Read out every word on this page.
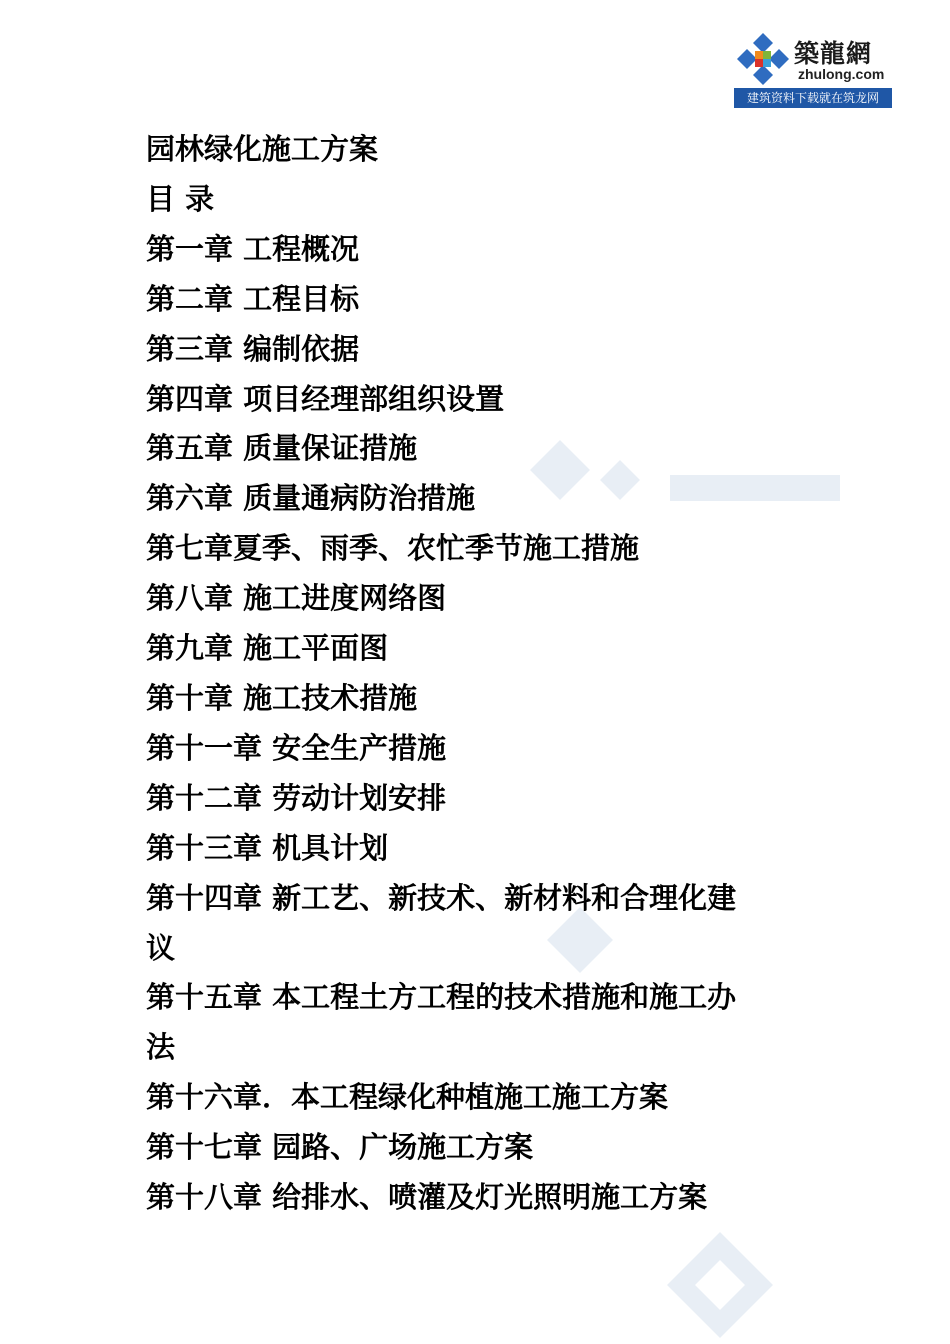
築龍網
zhulong.com
建筑资料下载就在筑龙网

园林绿化施工方案

目 录

第一章 工程概况

第二章 工程目标

第三章 编制依据

第四章 项目经理部组织设置

第五章 质量保证措施

第六章 质量通病防治措施

第七章夏季、雨季、农忙季节施工措施

第八章 施工进度网络图

第九章 施工平面图

第十章 施工技术措施

第十一章 安全生产措施

第十二章 劳动计划安排

第十三章 机具计划

第十四章 新工艺、新技术、新材料和合理化建

议

第十五章 本工程土方工程的技术措施和施工办

法

第十六章．本工程绿化种植施工施工方案

第十七章 园路、广场施工方案

第十八章 给排水、喷灌及灯光照明施工方案
